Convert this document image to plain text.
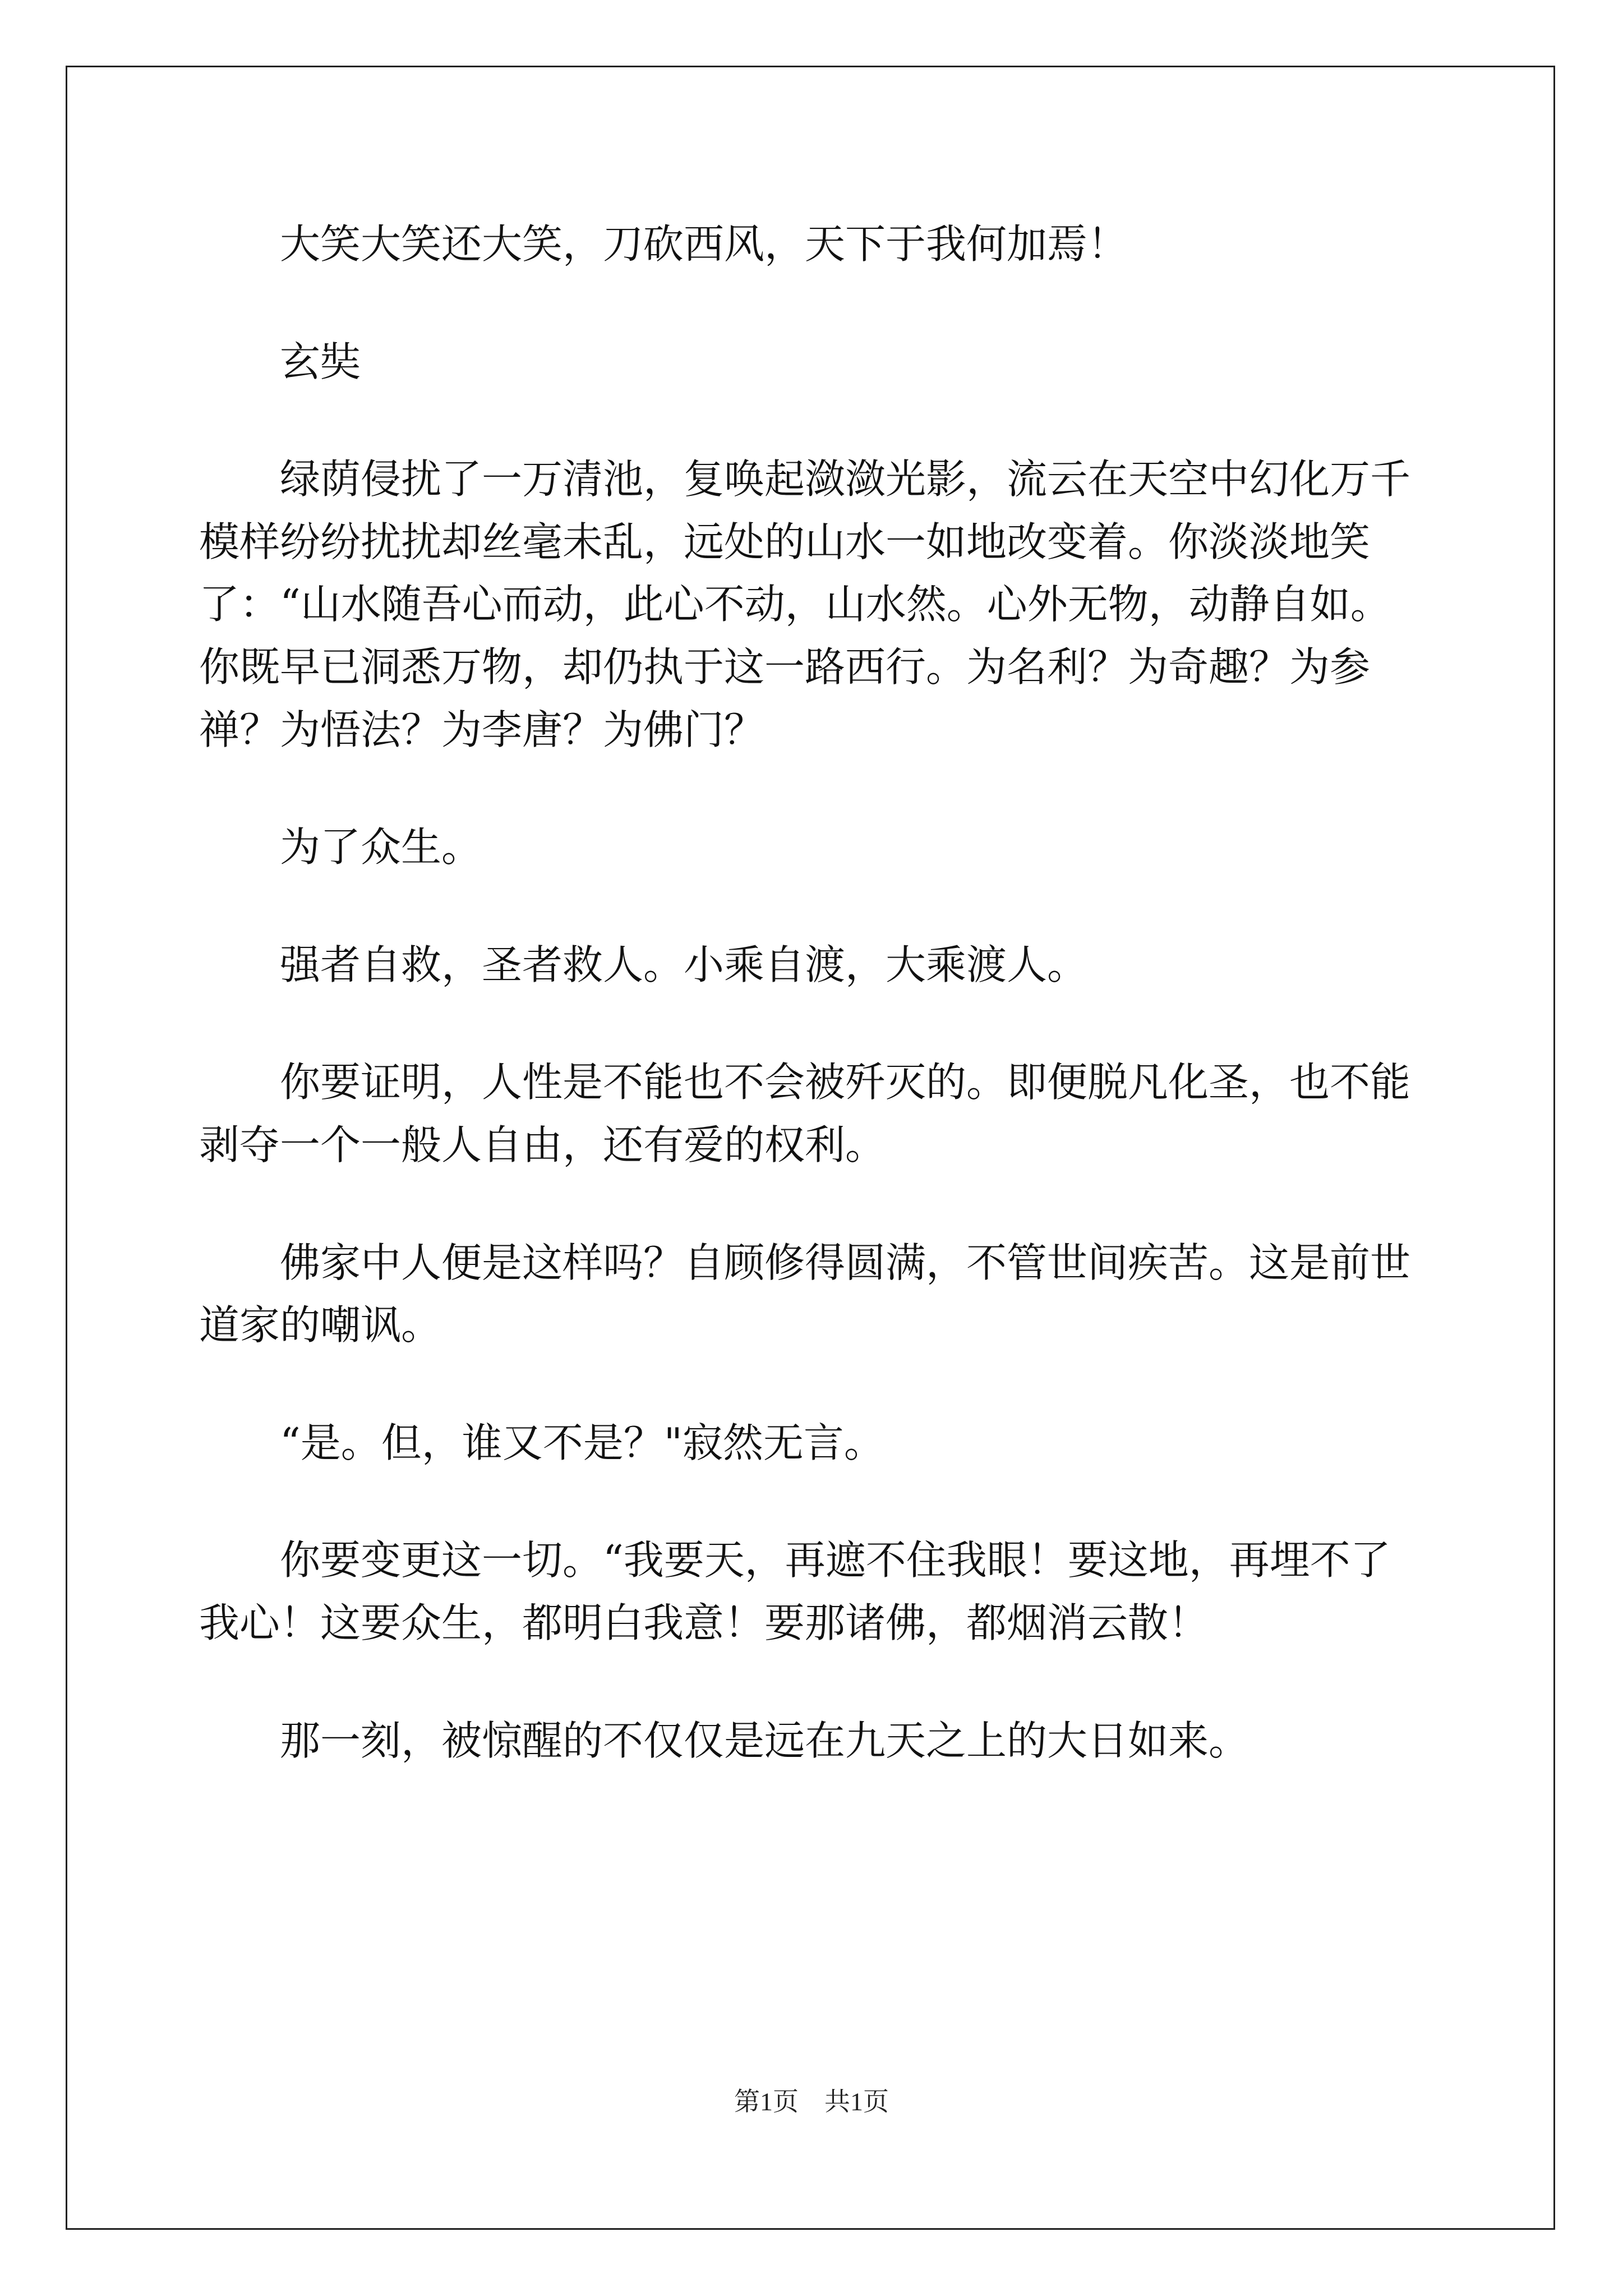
大笑大笑还大笑，刀砍西风，天下于我何加焉！

玄奘

绿荫侵扰了一万清池，复唤起潋潋光影，流云在天空中幻化万千模样纷纷扰扰却丝毫未乱，远处的山水一如地改变着。你淡淡地笑了：“山水随吾心而动，此心不动，山水然。心外无物，动静自如。你既早已洞悉万物，却仍执于这一路西行。为名利？为奇趣？为参禅？为悟法？为李唐？为佛门？

为了众生。

强者自救，圣者救人。小乘自渡，大乘渡人。

你要证明，人性是不能也不会被歼灭的。即便脱凡化圣，也不能剥夺一个一般人自由，还有爱的权利。

佛家中人便是这样吗？自顾修得圆满，不管世间疾苦。这是前世道家的嘲讽。

“是。但，谁又不是？"寂然无言。

你要变更这一切。“我要天，再遮不住我眼！要这地，再埋不了我心！这要众生，都明白我意！要那诸佛，都烟消云散！

那一刻，被惊醒的不仅仅是远在九天之上的大日如来。

第1页　共1页
